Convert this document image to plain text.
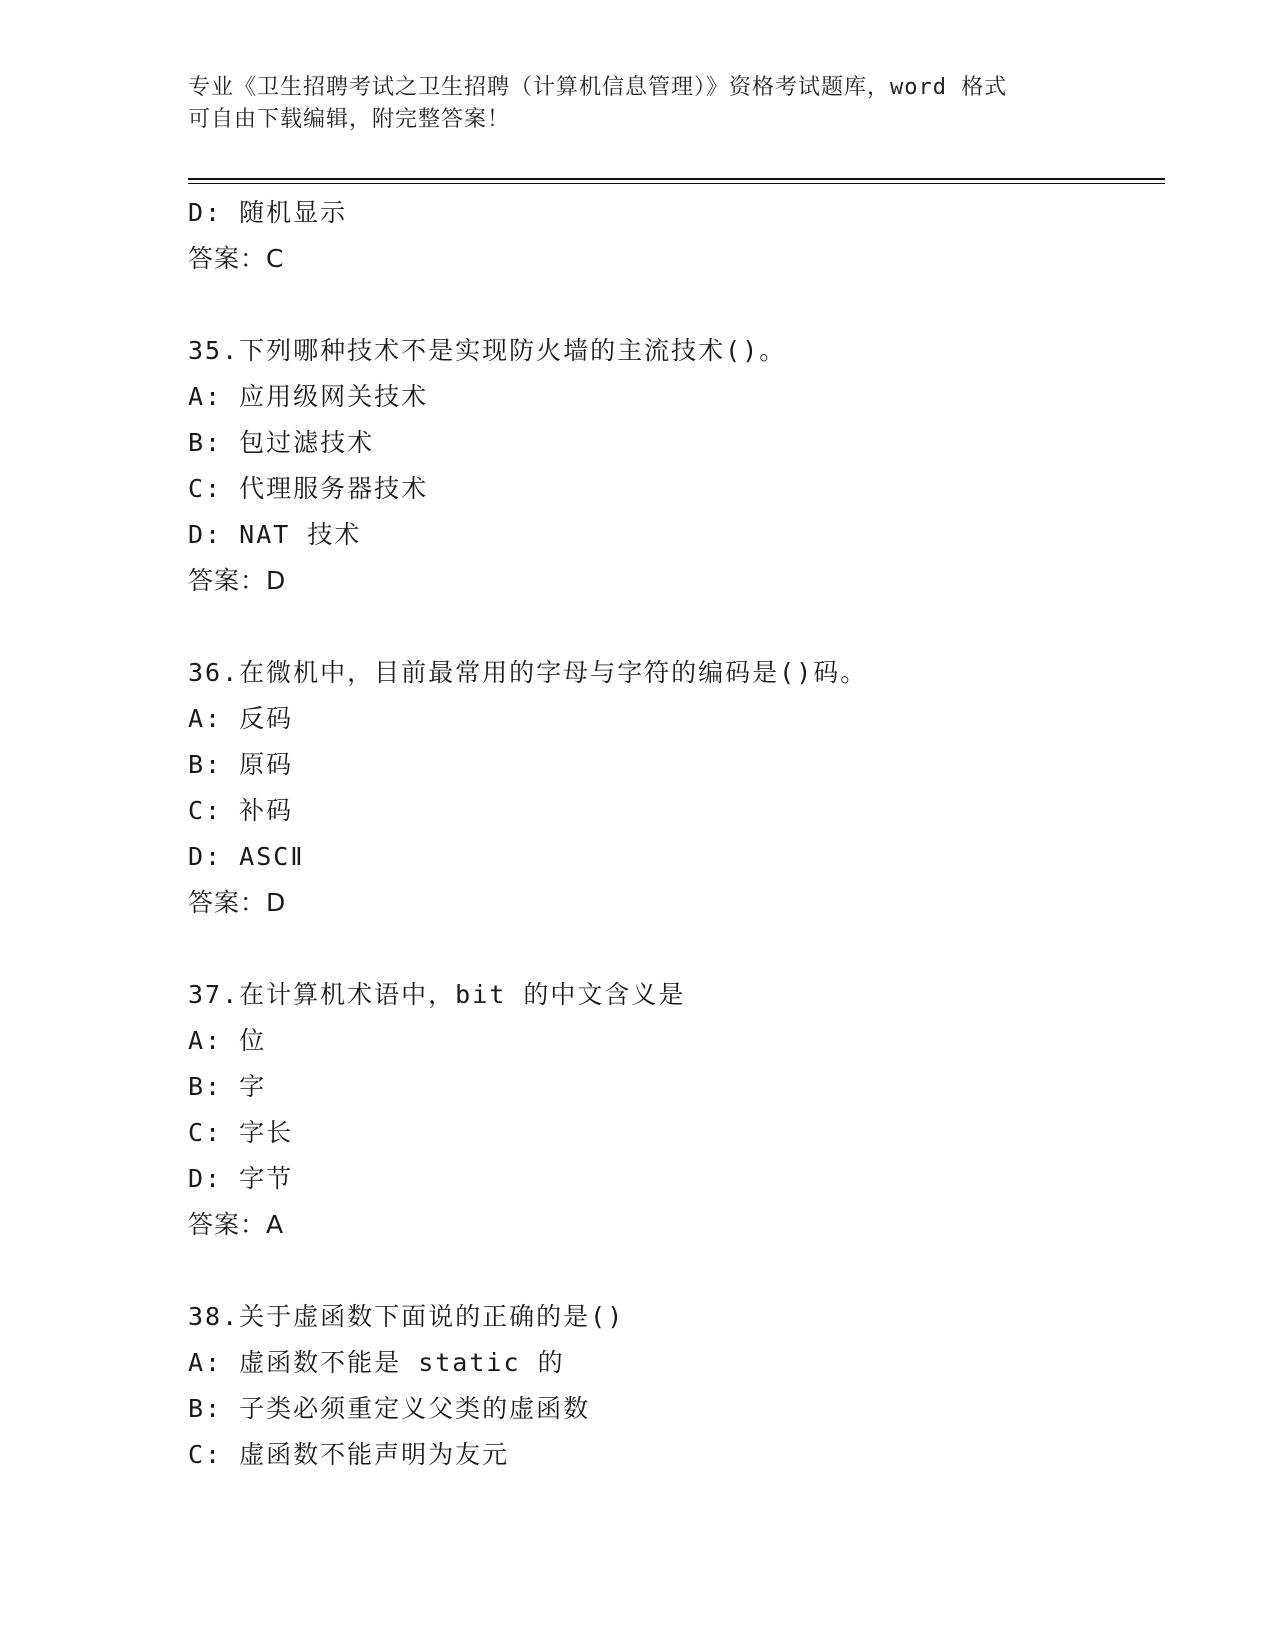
专业《卫生招聘考试之卫生招聘（计算机信息管理）》资格考试题库，word 格式
可自由下载编辑，附完整答案！
D: 随机显示
答案：C
35.下列哪种技术不是实现防火墙的主流技术()。
A: 应用级网关技术
B: 包过滤技术
C: 代理服务器技术
D: NAT 技术
答案：D
36.在微机中，目前最常用的字母与字符的编码是()码。
A: 反码
B: 原码
C: 补码
D: ASCⅡ
答案：D
37.在计算机术语中，bit 的中文含义是
A: 位
B: 字
C: 字长
D: 字节
答案：A
38.关于虚函数下面说的正确的是()
A: 虚函数不能是 static 的
B: 子类必须重定义父类的虚函数
C: 虚函数不能声明为友元
